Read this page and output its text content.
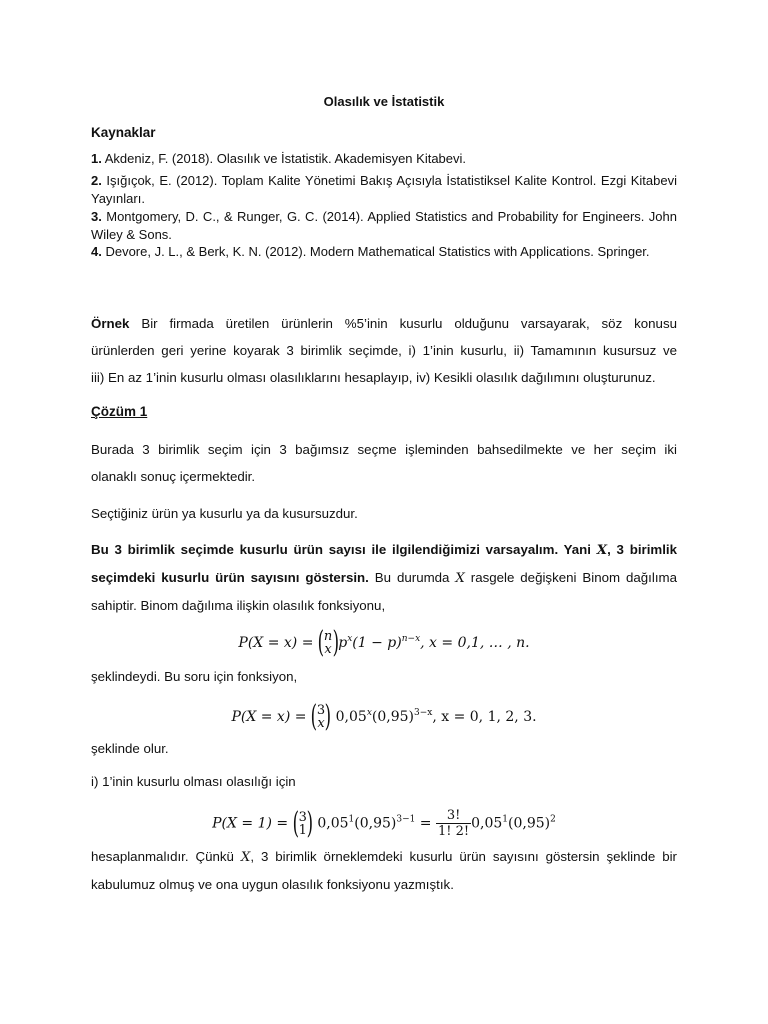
Olasılık ve İstatistik
Kaynaklar
1. Akdeniz, F. (2018). Olasılık ve İstatistik. Akademisyen Kitabevi.
2. Işığıçok, E. (2012). Toplam Kalite Yönetimi Bakış Açısıyla İstatistiksel Kalite Kontrol. Ezgi Kitabevi Yayınları.
3. Montgomery, D. C., & Runger, G. C. (2014). Applied Statistics and Probability for Engineers. John Wiley & Sons.
4. Devore, J. L., & Berk, K. N. (2012). Modern Mathematical Statistics with Applications. Springer.
Örnek Bir firmada üretilen ürünlerin %5’inin kusurlu olduğunu varsayarak, söz konusu
ürünlerden geri yerine koyarak 3 birimlik seçimde, i) 1’inin kusurlu, ii) Tamamının kusursuz ve
iii) En az 1’inin kusurlu olması olasılıklarını hesaplayıp, iv) Kesikli olasılık dağılımını oluşturunuz.
Çözüm 1
Burada 3 birimlik seçim için 3 bağımsız seçme işleminden bahsedilmekte ve her seçim iki
olanaklı sonuç içermektedir.
Seçtiğiniz ürün ya kusurlu ya da kusursuzdur.
Bu 3 birimlik seçimde kusurlu ürün sayısı ile ilgilendiğimizi varsayalım. Yani X, 3 birimlik
seçimdeki kusurlu ürün sayısını göstersin. Bu durumda X rasgele değişkeni Binom dağılıma
sahiptir. Binom dağılıma ilişkin olasılık fonksiyonu,
P(X = x) = ( n
x
) $p^x(1 - p)^{n-x}$, x = 0,1, … , n.
şeklindeydi. Bu soru için fonksiyon,
P(X = x) = ( 3
x
) $0,05^x(0,95)^{3-x}$, x = 0, 1, 2, 3.
şeklinde olur.
i) 1’inin kusurlu olması olasılığı için
P(X = 1) = ( 3
1
) $0,05^1(0,95)^{3-1} = \frac{3!}{1! 2!} 0,05^1(0,95)^2$
hesaplanmalıdır. Çünkü X, 3 birimlik örneklemdeki kusurlu ürün sayısını göstersin şeklinde bir
kabulumuz olmuş ve ona uygun olasılık fonksiyonu yazmıştık.
